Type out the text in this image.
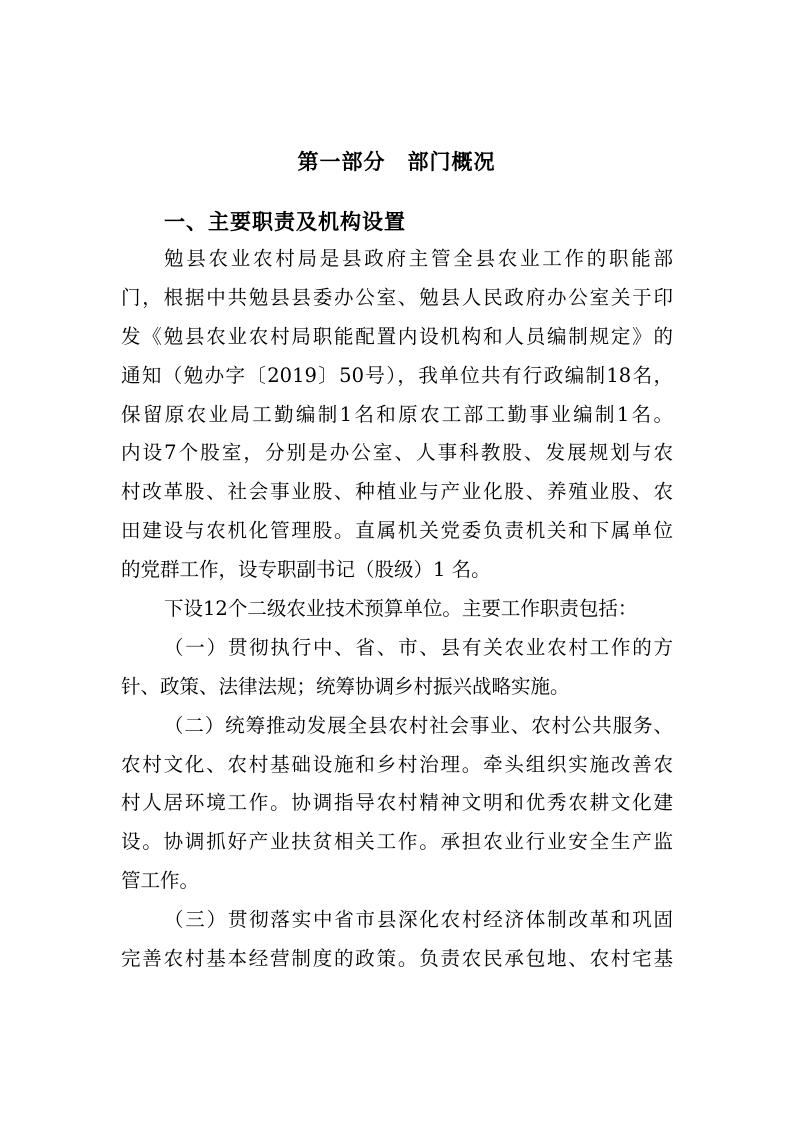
第一部分　部门概况
一、主要职责及机构设置
勉县农业农村局是县政府主管全县农业工作的职能部
门，根据中共勉县县委办公室、勉县人民政府办公室关于印
发《勉县农业农村局职能配置内设机构和人员编制规定》的
通知（勉办字〔2019〕50号），我单位共有行政编制18名，
保留原农业局工勤编制1名和原农工部工勤事业编制1名。
内设7个股室，分别是办公室、人事科教股、发展规划与农
村改革股、社会事业股、种植业与产业化股、养殖业股、农
田建设与农机化管理股。直属机关党委负责机关和下属单位
的党群工作，设专职副书记（股级）1 名。
下设12个二级农业技术预算单位。主要工作职责包括：
（一）贯彻执行中、省、市、县有关农业农村工作的方
针、政策、法律法规；统筹协调乡村振兴战略实施。
（二）统筹推动发展全县农村社会事业、农村公共服务、
农村文化、农村基础设施和乡村治理。牵头组织实施改善农
村人居环境工作。协调指导农村精神文明和优秀农耕文化建
设。协调抓好产业扶贫相关工作。承担农业行业安全生产监
管工作。
（三）贯彻落实中省市县深化农村经济体制改革和巩固
完善农村基本经营制度的政策。负责农民承包地、农村宅基
